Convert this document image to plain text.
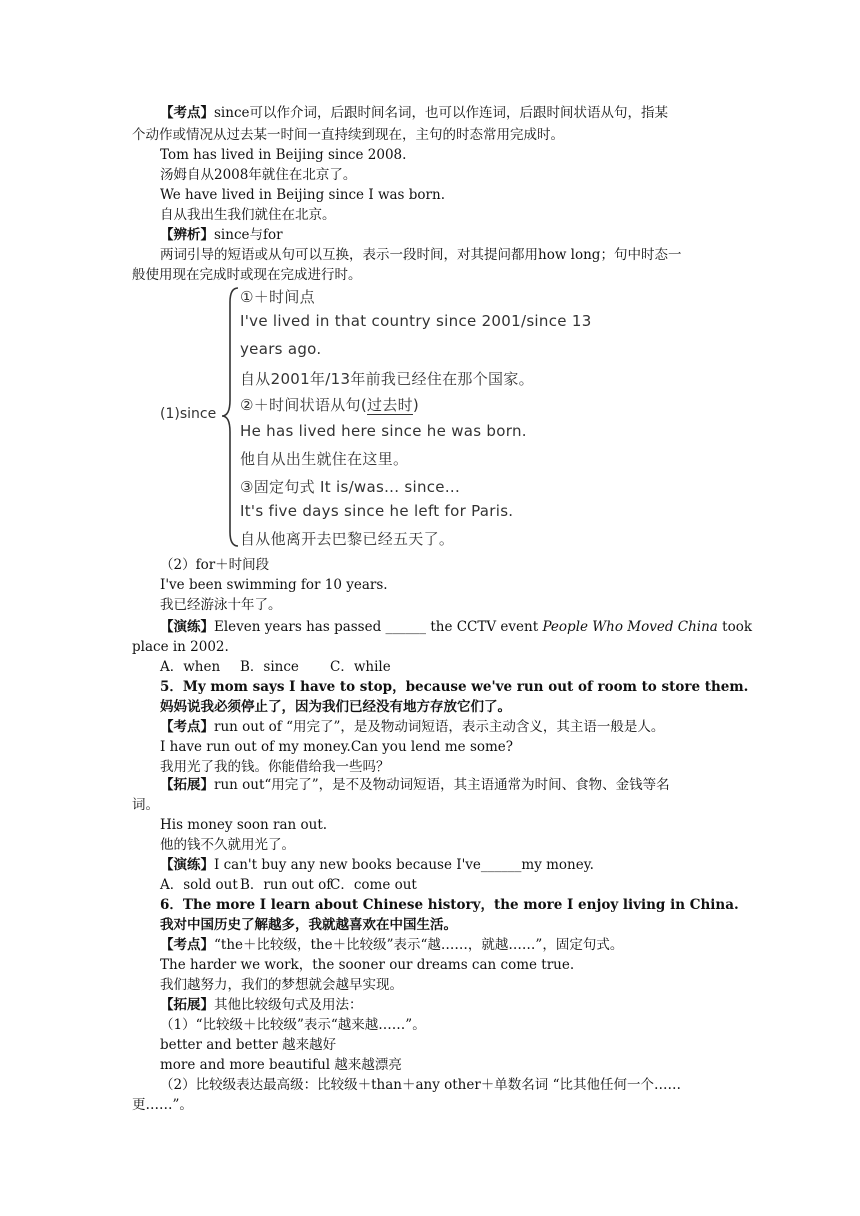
【考点】since可以作介词，后跟时间名词，也可以作连词，后跟时间状语从句，指某
个动作或情况从过去某一时间一直持续到现在，主句的时态常用完成时。
Tom has lived in Beijing since 2008.
汤姆自从2008年就住在北京了。
We have lived in Beijing since I was born.
自从我出生我们就住在北京。
【辨析】since与for
两词引导的短语或从句可以互换，表示一段时间，对其提问都用how long；句中时态一
般使用现在完成时或现在完成进行时。
(1)since
①＋时间点
I've lived in that country since 2001/since 13
years ago.
自从2001年/13年前我已经住在那个国家。
②＋时间状语从句(过去时)
He has lived here since he was born.
他自从出生就住在这里。
③固定句式 It is/was... since...
It's five days since he left for Paris.
自从他离开去巴黎已经五天了。
（2）for＋时间段
I've been swimming for 10 years.
我已经游泳十年了。
【演练】Eleven years has passed ______ the CCTV event People Who Moved China took
place in 2002.
A．when B．since C．while
5．My mom says I have to stop，because we've run out of room to store them.
妈妈说我必须停止了，因为我们已经没有地方存放它们了。
【考点】run out of “用完了”，是及物动词短语，表示主动含义，其主语一般是人。
I have run out of my money.Can you lend me some?
我用光了我的钱。你能借给我一些吗？
【拓展】run out“用完了”，是不及物动词短语，其主语通常为时间、食物、金钱等名
词。
His money soon ran out.
他的钱不久就用光了。
【演练】I can't buy any new books because I've______my money.
A．sold out B．run out ofC．come out
6．The more I learn about Chinese history，the more I enjoy living in China.
我对中国历史了解越多，我就越喜欢在中国生活。
【考点】“the＋比较级，the＋比较级”表示“越……，就越……”，固定句式。
The harder we work，the sooner our dreams can come true.
我们越努力，我们的梦想就会越早实现。
【拓展】其他比较级句式及用法：
（1）“比较级＋比较级”表示“越来越……”。
better and better 越来越好
more and more beautiful 越来越漂亮
（2）比较级表达最高级：比较级＋than＋any other＋单数名词 “比其他任何一个……
更……”。
